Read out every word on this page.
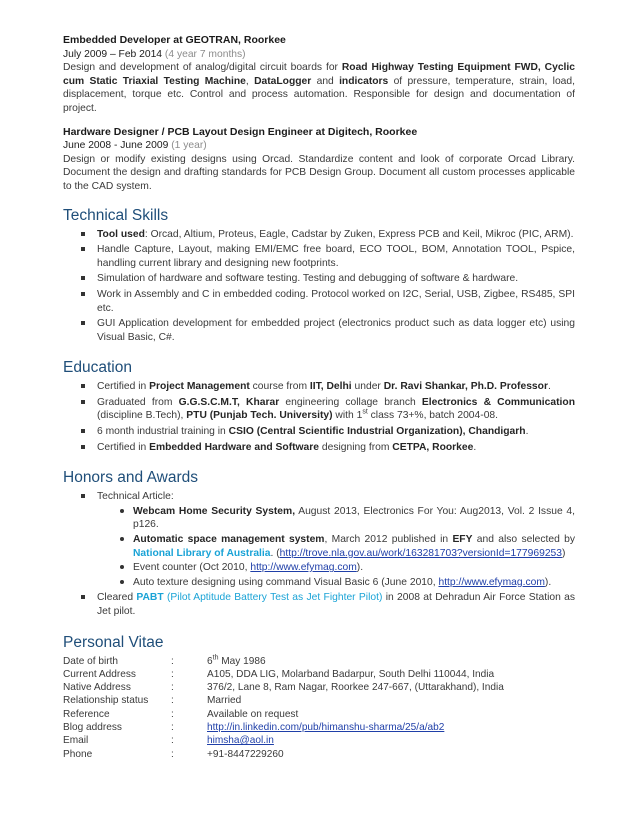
Embedded Developer at GEOTRAN, Roorkee

July 2009 – Feb 2014 (4 year 7 months)

Design and development of analog/digital circuit boards for Road Highway Testing Equipment FWD, Cyclic cum Static Triaxial Testing Machine, DataLogger and indicators of pressure, temperature, strain, load, displacement, torque etc. Control and process automation. Responsible for design and documentation of project.

Hardware Designer / PCB Layout Design Engineer at Digitech, Roorkee

June 2008 - June 2009 (1 year)

Design or modify existing designs using Orcad. Standardize content and look of corporate Orcad Library. Document the design and drafting standards for PCB Design Group. Document all custom processes applicable to the CAD system.

Technical Skills
Tool used: Orcad, Altium, Proteus, Eagle, Cadstar by Zuken, Express PCB and Keil, Mikroc (PIC, ARM).
Handle Capture, Layout, making EMI/EMC free board, ECO TOOL, BOM, Annotation TOOL, Pspice, handling current library and designing new footprints.
Simulation of hardware and software testing. Testing and debugging of software & hardware.
Work in Assembly and C in embedded coding. Protocol worked on I2C, Serial, USB, Zigbee, RS485, SPI etc.
GUI Application development for embedded project (electronics product such as data logger etc) using Visual Basic, C#.
Education
Certified in Project Management course from IIT, Delhi under Dr. Ravi Shankar, Ph.D. Professor.
Graduated from G.G.S.C.M.T, Kharar engineering collage branch Electronics & Communication (discipline B.Tech), PTU (Punjab Tech. University) with 1st class 73+%, batch 2004-08.
6 month industrial training in CSIO (Central Scientific Industrial Organization), Chandigarh.
Certified in Embedded Hardware and Software designing from CETPA, Roorkee.
Honors and Awards
Technical Article:
Webcam Home Security System, August 2013, Electronics For You: Aug2013, Vol. 2 Issue 4, p126.
Automatic space management system, March 2012 published in EFY and also selected by National Library of Australia. (http://trove.nla.gov.au/work/163281703?versionId=177969253)
Event counter (Oct 2010, http://www.efymag.com).
Auto texture designing using command Visual Basic 6 (June 2010, http://www.efymag.com).
Cleared PABT (Pilot Aptitude Battery Test as Jet Fighter Pilot) in 2008 at Dehradun Air Force Station as Jet pilot.
Personal Vitae
Date of birth	:	6th May 1986
Current Address	:	A105, DDA LIG, Molarband Badarpur, South Delhi 110044, India
Native Address	:	376/2, Lane 8, Ram Nagar, Roorkee 247-667, (Uttarakhand), India
Relationship status	:	Married
Reference	:	Available on request
Blog address	:	http://in.linkedin.com/pub/himanshu-sharma/25/a/ab2
Email	:	himsha@aol.in
Phone	:	+91-8447229260
